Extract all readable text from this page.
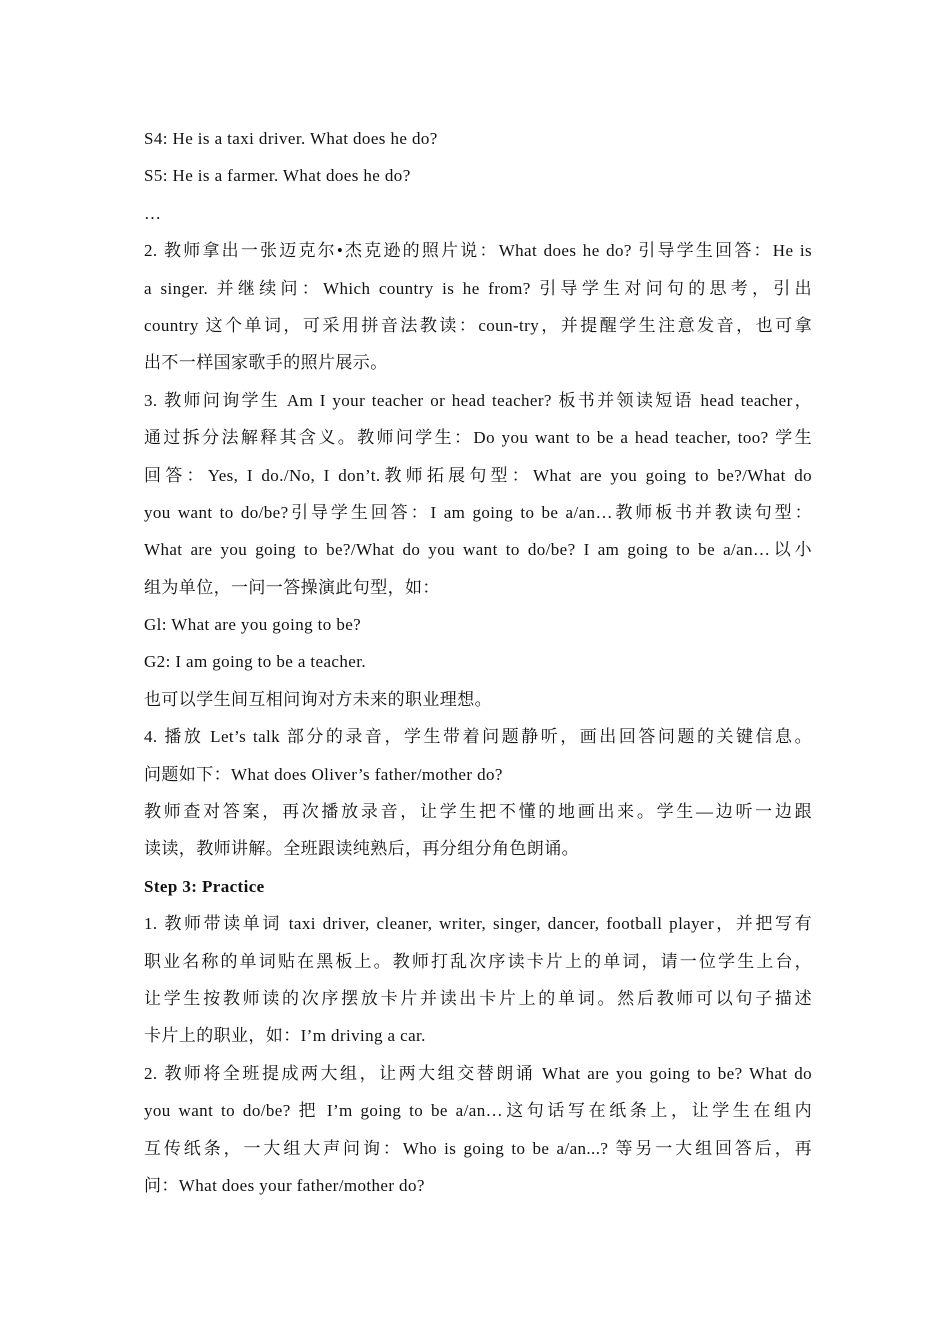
S4: He is a taxi driver. What does he do?
S5: He is a farmer. What does he do?
…
2. 教师拿出一张迈克尔•杰克逊的照片说：What does he do? 引导学生回答：He is
a singer. 并继续问：Which country is he from? 引导学生对问句的思考，引出
country 这个单词，可采用拼音法教读：coun-try，并提醒学生注意发音，也可拿
出不一样国家歌手的照片展示。
3. 教师问询学生 Am I your teacher or head teacher? 板书并领读短语 head teacher，
通过拆分法解释其含义。教师问学生：Do you want to be a head teacher, too? 学生
回答：Yes, I do./No, I don’t.教师拓展句型：What are you going to be?/What do
you want to do/be?引导学生回答：I am going to be a/an…教师板书并教读句型：
What are you going to be?/What do you want to do/be? I am going to be a/an…以小
组为单位，一问一答操演此句型，如：
Gl: What are you going to be?
G2: I am going to be a teacher.
也可以学生间互相问询对方未来的职业理想。
4. 播放 Let’s talk 部分的录音，学生带着问题静听，画出回答问题的关键信息。
问题如下：What does Oliver’s father/mother do?
教师查对答案，再次播放录音，让学生把不懂的地画出来。学生—边听一边跟
读读，教师讲解。全班跟读纯熟后，再分组分角色朗诵。
Step 3: Practice
1. 教师带读单词 taxi driver, cleaner, writer, singer, dancer, football player，并把写有
职业名称的单词贴在黑板上。教师打乱次序读卡片上的单词，请一位学生上台，
让学生按教师读的次序摆放卡片并读出卡片上的单词。然后教师可以句子描述
卡片上的职业，如：I’m driving a car.
2. 教师将全班提成两大组，让两大组交替朗诵 What are you going to be? What do
you want to do/be? 把 I’m going to be a/an…这句话写在纸条上，让学生在组内
互传纸条，一大组大声问询：Who is going to be a/an...? 等另一大组回答后，再
问：What does your father/mother do?
